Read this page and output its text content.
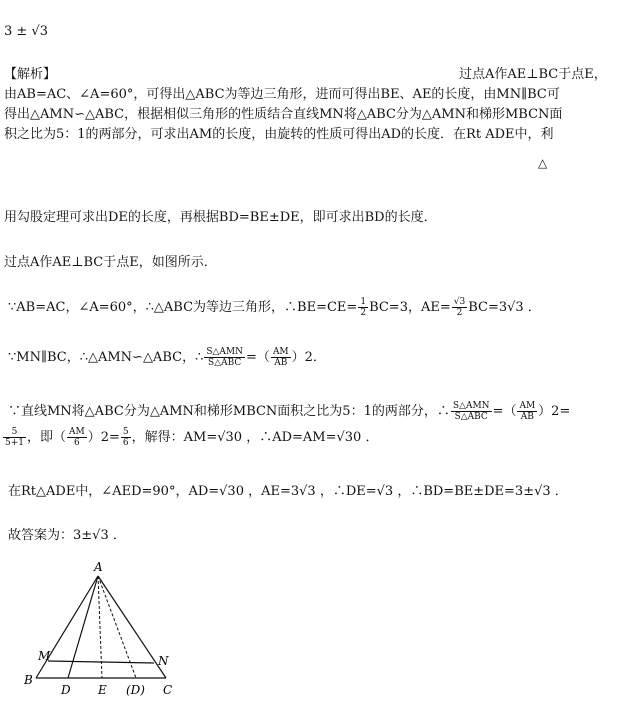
3 ± √3
【解析】	过点A作AE⊥BC于点E，
由AB=AC、∠A=60°，可得出△ABC为等边三角形，进而可得出BE、AE的长度，由MN∥BC可
得出△AMN∽△ABC，根据相似三角形的性质结合直线MN将△ABC分为△AMN和梯形MBCN面
积之比为5：1的两部分，可求出AM的长度，由旋转的性质可得出AD的长度．在Rt ADE中，利
△
用勾股定理可求出DE的长度，再根据BD=BE±DE，即可求出BD的长度．
过点A作AE⊥BC于点E，如图所示．
∵AB=AC，∠A=60°，∴△ABC为等边三角形，∴BE=CE= $\frac{1}{2} BC=3$，$AE= \frac{√3}{2} BC=3√3$ ．
∵MN∥BC，∴△AMN∽△ABC，∴ $\frac{\text{S△AMN}}{\text{S△ABC}}$ =（ $\frac{AM}{AB} )2$．
∵直线MN将△ABC分为△AMN和梯形MBCN面积之比为5：1的两部分，∴ $\frac{\text{S△AMN}}{\text{S△ABC}}$ =（ $\frac{AM}{AB} )2=$
$\frac{5}{5+1}$ ，即（ $\frac{AM}{6} )2= \frac{5}{6}$ ，解得：AM=√30 ，∴AD=AM=√30 ．
在Rt△ADE中，∠AED=90°，AD=√30 ，AE=3√3 ，∴DE=√3 ，∴BD=BE±DE=3±√3 ．
故答案为：3±√3 ．
A
M	N
B
D E (D) C
